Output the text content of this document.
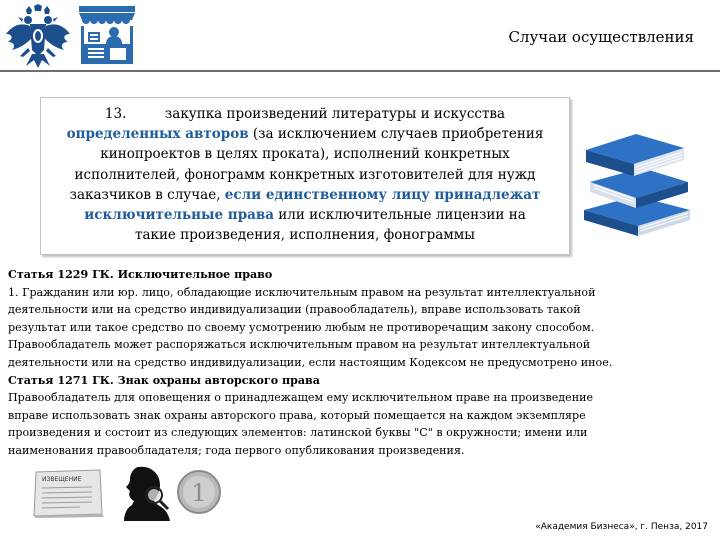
Случаи осуществления
13.	закупка произведений литературы и искусства
определенных авторов (за исключением случаев приобретения
кинопроектов в целях проката), исполнений конкретных
исполнителей, фонограмм конкретных изготовителей для нужд
заказчиков в случае, если единственному лицу принадлежат
исключительные права или исключительные лицензии на
такие произведения, исполнения, фонограммы

Статья 1229 ГК. Исключительное право

1. Гражданин или юр. лицо, обладающие исключительным правом на результат интеллектуальной

деятельности или на средство индивидуализации (правообладатель), вправе использовать такой

результат или такое средство по своему усмотрению любым не противоречащим закону способом.

Правообладатель может распоряжаться исключительным правом на результат интеллектуальной

деятельности или на средство индивидуализации, если настоящим Кодексом не предусмотрено иное.

Статья 1271 ГК. Знак охраны авторского права

Правообладатель для оповещения о принадлежащем ему исключительном праве на произведение

вправе использовать знак охраны авторского права, который помещается на каждом экземпляре

произведения и состоит из следующих элементов: латинской буквы "С" в окружности; имени или

наименования правообладателя; года первого опубликования произведения.

ИЗВЕЩЕНИЕ	1
«Академия Бизнеса», г. Пенза, 2017
